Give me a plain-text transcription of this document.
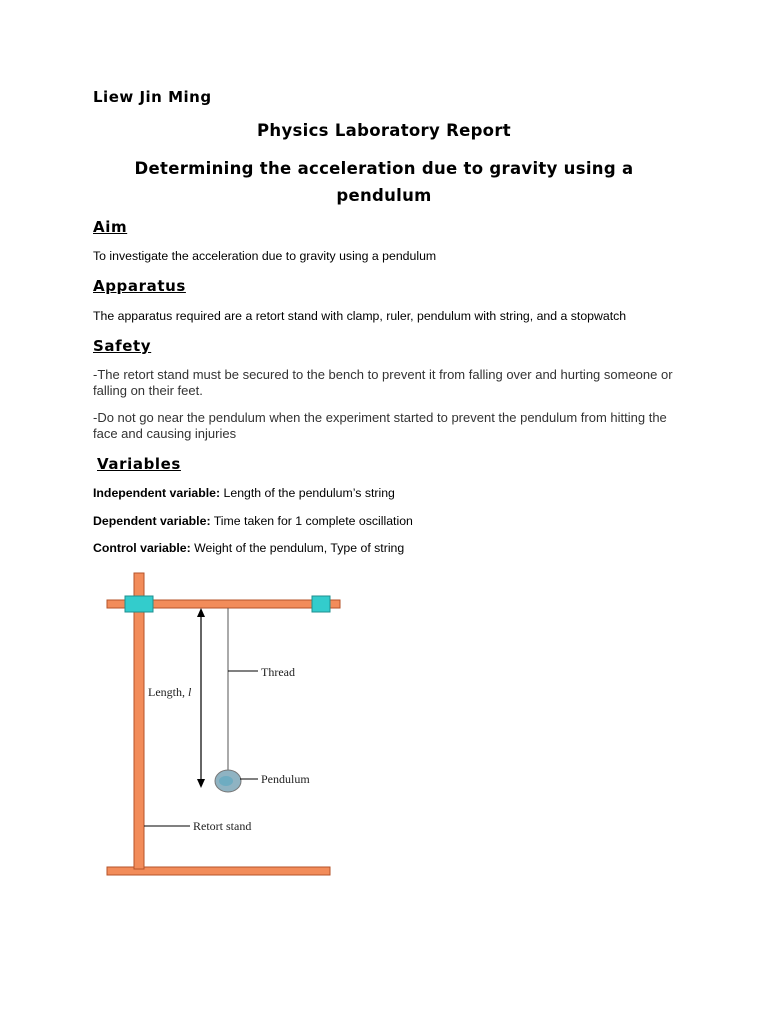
Liew Jin Ming

Physics Laboratory Report

Determining the acceleration due to gravity using a pendulum

Aim

To investigate the acceleration due to gravity using a pendulum

Apparatus

The apparatus required are a retort stand with clamp, ruler, pendulum with string, and a stopwatch

Safety

-The retort stand must be secured to the bench to prevent it from falling over and hurting someone or falling on their feet.

-Do not go near the pendulum when the experiment started to prevent the pendulum from hitting the face and causing injuries

Variables

Independent variable: Length of the pendulum’s string

Dependent variable: Time taken for 1 complete oscillation

Control variable: Weight of the pendulum, Type of string

Length, l
Thread
Pendulum
Retort stand
